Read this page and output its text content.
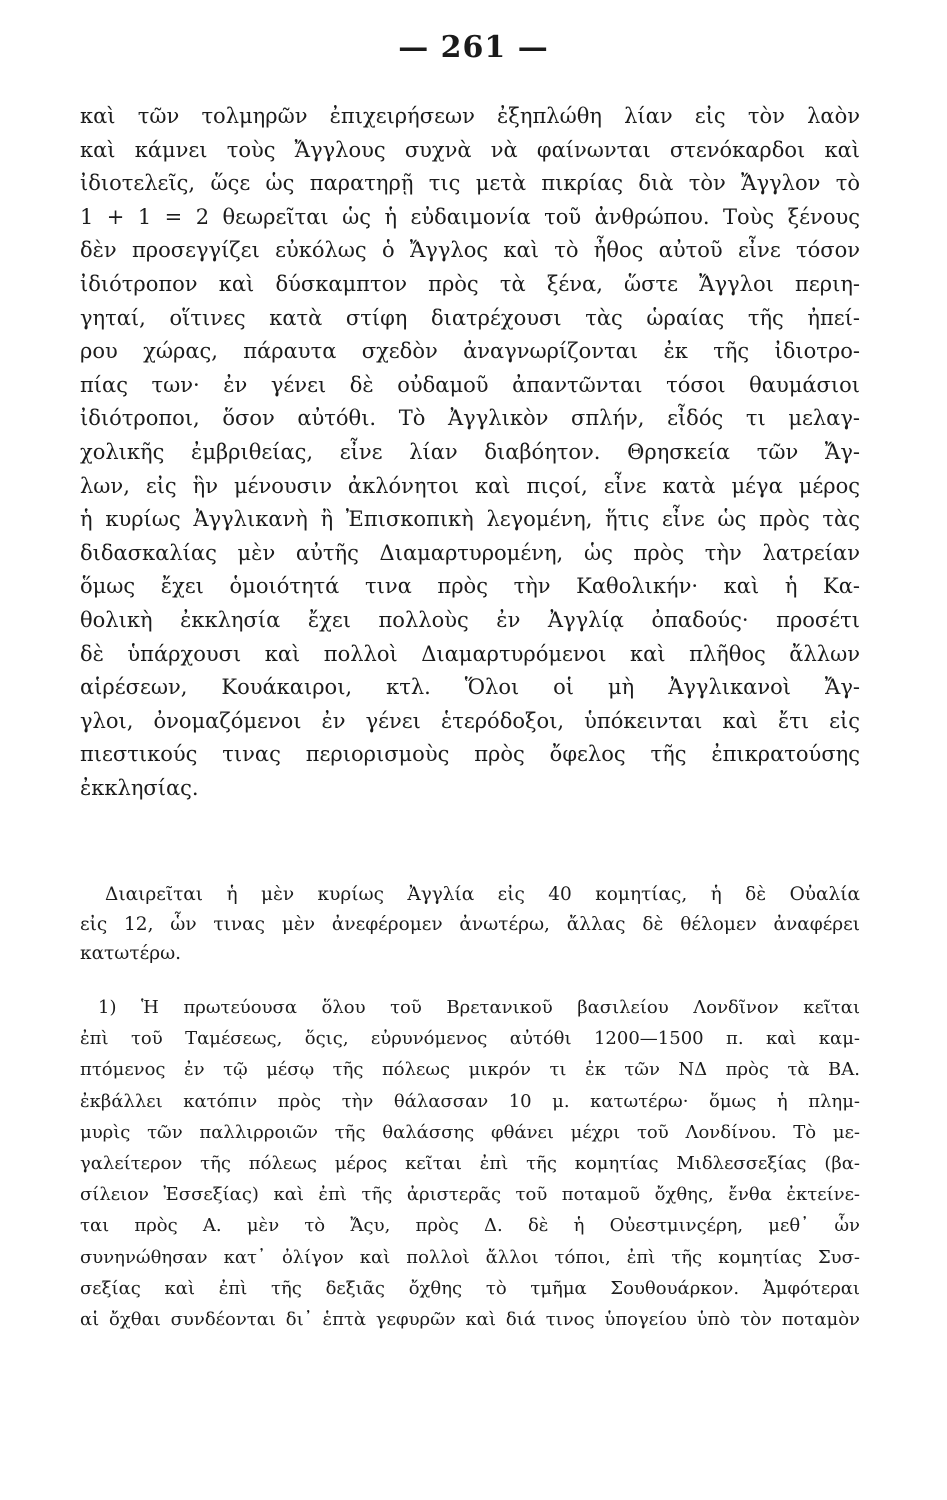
— 261 —
καὶ τῶν τολμηρῶν ἐπιχειρήσεων ἐξηπλώθη λίαν εἰς τὸν λαὸν
καὶ κάμνει τοὺς Ἄγγλους συχνὰ νὰ φαίνωνται στενόκαρδοι καὶ
ἰδιοτελεῖς, ὥςε ὡς παρατηρῇ τις μετὰ πικρίας διὰ τὸν Ἄγγλον τὸ
1 + 1 = 2 θεωρεῖται ὡς ἡ εὐδαιμονία τοῦ ἀνθρώπου. Τοὺς ξένους
δὲν προσεγγίζει εὐκόλως ὁ Ἄγγλος καὶ τὸ ἦθος αὐτοῦ εἶνε τόσον
ἰδιότροπον καὶ δύσκαμπτον πρὸς τὰ ξένα, ὥστε Ἄγγλοι περιη-
γηταί, οἵτινες κατὰ στίφη διατρέχουσι τὰς ὡραίας τῆς ἠπεί-
ρου χώρας, πάραυτα σχεδὸν ἀναγνωρίζονται ἐκ τῆς ἰδιοτρο-
πίας των· ἐν γένει δὲ οὐδαμοῦ ἀπαντῶνται τόσοι θαυμάσιοι
ἰδιότροποι, ὅσον αὐτόθι. Τὸ Ἀγγλικὸν σπλήν, εἶδός τι μελαγ-
χολικῆς ἐμβριθείας, εἶνε λίαν διαβόητον. Θρησκεία τῶν Ἄγ-
λων, εἰς ἣν μένουσιν ἀκλόνητοι καὶ πιςοί, εἶνε κατὰ μέγα μέρος
ἡ κυρίως Ἀγγλικανὴ ἢ Ἐπισκοπικὴ λεγομένη, ἥτις εἶνε ὡς πρὸς τὰς
διδασκαλίας μὲν αὐτῆς Διαμαρτυρομένη, ὡς πρὸς τὴν λατρείαν
ὅμως ἔχει ὁμοιότητά τινα πρὸς τὴν Καθολικήν· καὶ ἡ Κα-
θολικὴ ἐκκλησία ἔχει πολλοὺς ἐν Ἀγγλίᾳ ὀπαδούς· προσέτι
δὲ ὑπάρχουσι καὶ πολλοὶ Διαμαρτυρόμενοι καὶ πλῆθος ἄλλων
αἱρέσεων, Κουάκαιροι, κτλ. Ὅλοι οἱ μὴ Ἀγγλικανοὶ Ἄγ-
γλοι, ὀνομαζόμενοι ἐν γένει ἑτερόδοξοι, ὑπόκεινται καὶ ἔτι εἰς
πιεστικούς τινας περιορισμοὺς πρὸς ὄφελος τῆς ἐπικρατούσης
ἐκκλησίας.
Διαιρεῖται ἡ μὲν κυρίως Ἀγγλία εἰς 40 κομητίας, ἡ δὲ Οὐαλία
εἰς 12, ὧν τινας μὲν ἀνεφέρομεν ἀνωτέρω, ἄλλας δὲ θέλομεν ἀναφέρει
κατωτέρω.
1) Ἡ πρωτεύουσα ὅλου τοῦ Βρετανικοῦ βασιλείου Λονδῖνον κεῖται
ἐπὶ τοῦ Ταμέσεως, ὅςις, εὐρυνόμενος αὐτόθι 1200—1500 π. καὶ καμ-
πτόμενος ἐν τῷ μέσῳ τῆς πόλεως μικρόν τι ἐκ τῶν ΝΔ πρὸς τὰ ΒΑ.
ἐκβάλλει κατόπιν πρὸς τὴν θάλασσαν 10 μ. κατωτέρω· ὅμως ἡ πλημ-
μυρὶς τῶν παλλιρροιῶν τῆς θαλάσσης φθάνει μέχρι τοῦ Λονδίνου. Τὸ με-
γαλείτερον τῆς πόλεως μέρος κεῖται ἐπὶ τῆς κομητίας Μιδλεσσεξίας (βα-
σίλειον Ἐσσεξίας) καὶ ἐπὶ τῆς ἀριστερᾶς τοῦ ποταμοῦ ὄχθης, ἔνθα ἐκτείνε-
ται πρὸς Α. μὲν τὸ Ἄςυ, πρὸς Δ. δὲ ἡ Οὐεστμινςέρη, μεθ᾽ ὧν
συνηνώθησαν κατ᾽ ὀλίγον καὶ πολλοὶ ἄλλοι τόποι, ἐπὶ τῆς κομητίας Συσ-
σεξίας καὶ ἐπὶ τῆς δεξιᾶς ὄχθης τὸ τμῆμα Σουθουάρκον. Ἀμφότεραι
αἱ ὄχθαι συνδέονται δι᾽ ἑπτὰ γεφυρῶν καὶ διά τινος ὑπογείου ὑπὸ τὸν ποταμὸν
